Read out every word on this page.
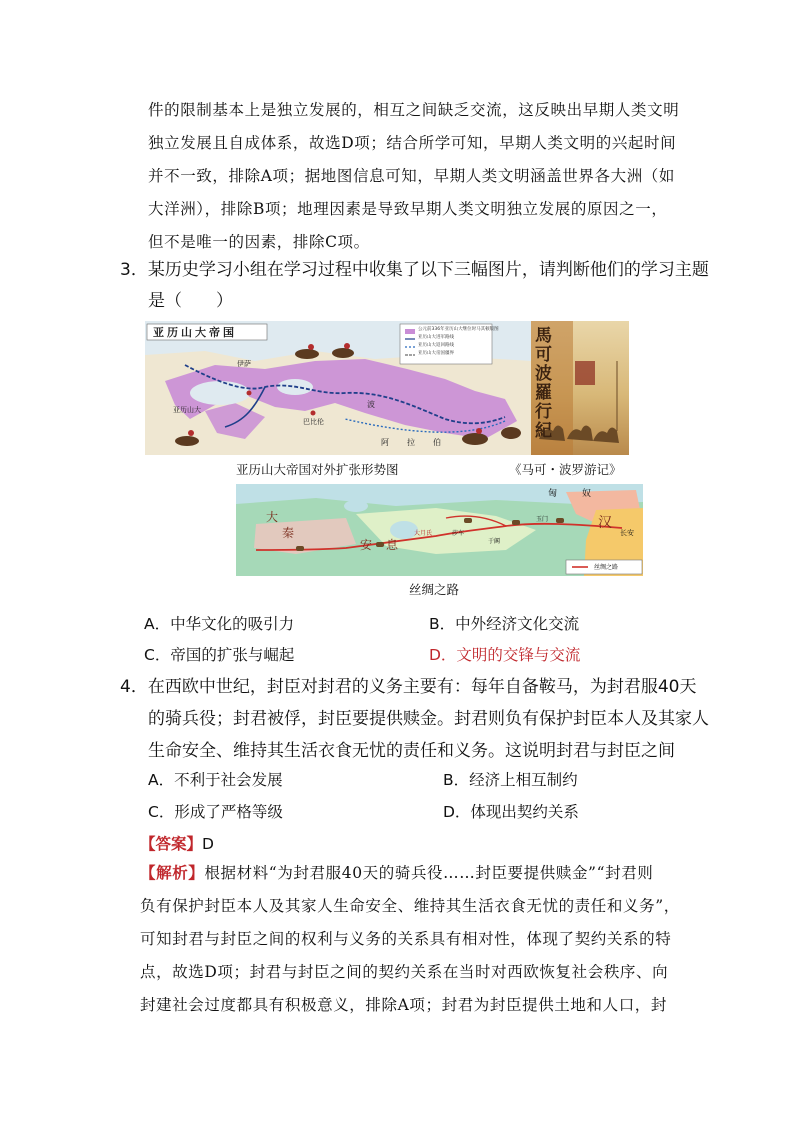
件的限制基本上是独立发展的，相互之间缺乏交流，这反映出早期人类文明
独立发展且自成体系，故选D项；结合所学可知，早期人类文明的兴起时间
并不一致，排除A项；据地图信息可知，早期人类文明涵盖世界各大洲（如
大洋洲），排除B项；地理因素是导致早期人类文明独立发展的原因之一，
但不是唯一的因素，排除C项。
3．某历史学习小组在学习过程中收集了以下三幅图片，请判断他们的学习主题
是（　　）
亚历山大帝国	公元前336年亚历山大继位时马其顿版图
亚历山大进军路线
亚历山大返回路线
亚历山大帝国疆界
伊萨
亚历山大
巴比伦
波
阿 拉 伯
馬可波羅行紀
亚历山大帝国对外扩张形势图	《马可・波罗游记》
匈	奴
大
秦
安 息
长安
汉
玉门
于阗
大月氏	莎车
丝绸之路
丝绸之路
A．中华文化的吸引力	B．中外经济文化交流
C．帝国的扩张与崛起	D．文明的交锋与交流
4．在西欧中世纪，封臣对封君的义务主要有：每年自备鞍马，为封君服40天
的骑兵役；封君被俘，封臣要提供赎金。封君则负有保护封臣本人及其家人
生命安全、维持其生活衣食无忧的责任和义务。这说明封君与封臣之间
A．不利于社会发展	B．经济上相互制约
C．形成了严格等级	D．体现出契约关系
【答案】D
【解析】根据材料“为封君服40天的骑兵役……封臣要提供赎金”“封君则
负有保护封臣本人及其家人生命安全、维持其生活衣食无忧的责任和义务”，
可知封君与封臣之间的权利与义务的关系具有相对性，体现了契约关系的特
点，故选D项；封君与封臣之间的契约关系在当时对西欧恢复社会秩序、向
封建社会过度都具有积极意义，排除A项；封君为封臣提供土地和人口，封
